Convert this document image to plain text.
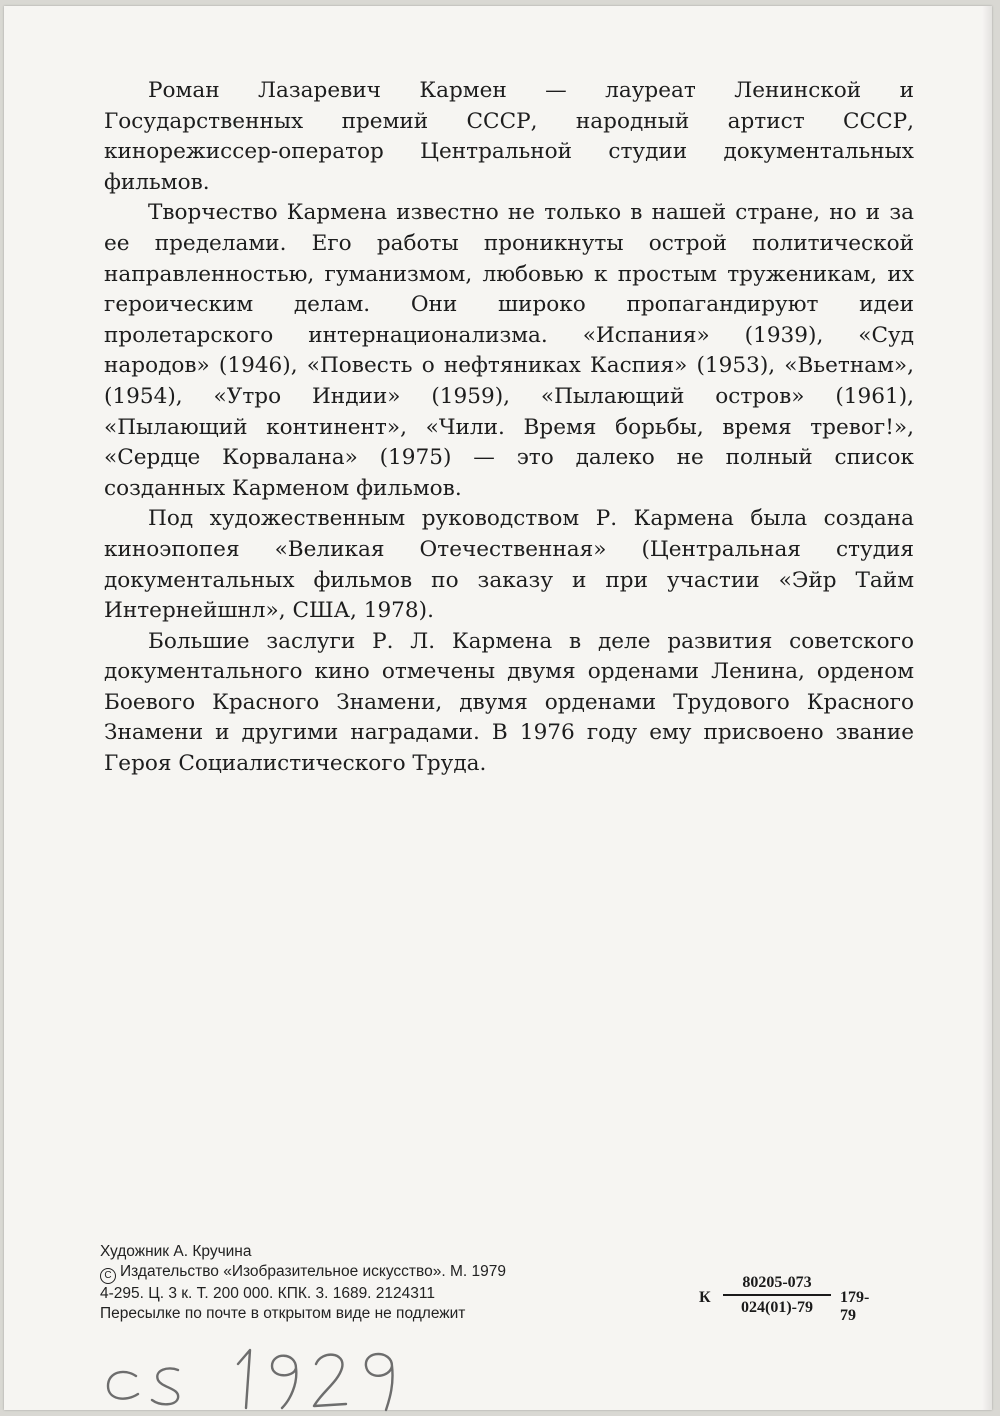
Роман Лазаревич Кармен — лауреат Ленинской и Государственных премий СССР, народный артист СССР, кинорежиссер-оператор Центральной студии документальных фильмов.

Творчество Кармена известно не только в нашей стране, но и за ее пределами. Его работы проникнуты острой политической направленностью, гуманизмом, любовью к простым труженикам, их героическим делам. Они широко пропагандируют идеи пролетарского интернационализма. «Испания» (1939), «Суд народов» (1946), «Повесть о нефтяниках Каспия» (1953), «Вьетнам», (1954), «Утро Индии» (1959), «Пылающий остров» (1961), «Пылающий континент», «Чили. Время борьбы, время тревог!», «Сердце Корвалана» (1975) — это далеко не полный список созданных Карменом фильмов.

Под художественным руководством Р. Кармена была создана киноэпопея «Великая Отечественная» (Центральная студия документальных фильмов по заказу и при участии «Эйр Тайм Интернейшнл», США, 1978).

Большие заслуги Р. Л. Кармена в деле развития советского документального кино отмечены двумя орденами Ленина, орденом Боевого Красного Знамени, двумя орденами Трудового Красного Знамени и другими наградами. В 1976 году ему присвоено звание Героя Социалистического Труда.

Художник А. Кручина
C Издательство «Изобразительное искусство». М. 1979
4-295. Ц. 3 к. Т. 200 000. КПК. 3. 1689. 2124311
Пересылке по почте в открытом виде не подлежит
К $\frac{80205-073}{024(01)-79} 179-79$
